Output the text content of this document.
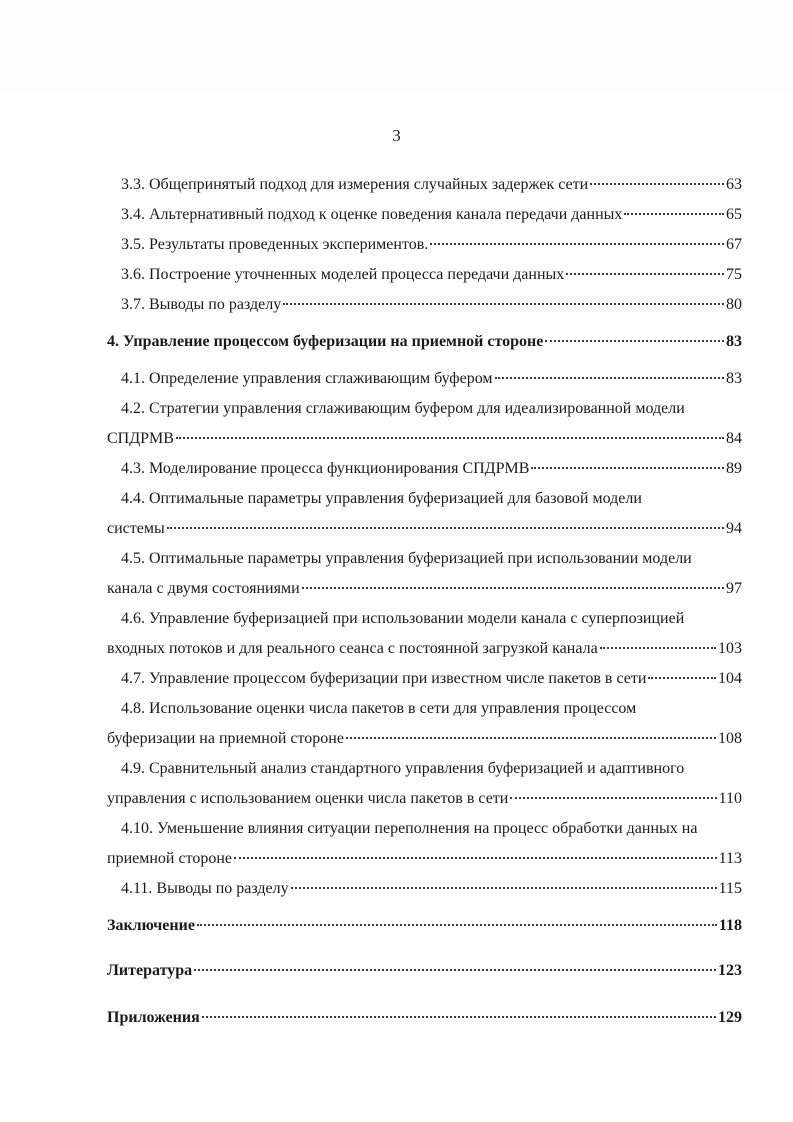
3
3.3. Общепринятый подход для измерения случайных задержек сети	63
3.4. Альтернативный подход к оценке поведения канала передачи данных	65
3.5. Результаты проведенных экспериментов.	67
3.6. Построение уточненных моделей процесса передачи данных	75
3.7. Выводы по разделу	80
4. Управление процессом буферизации на приемной стороне	83
4.1. Определение управления сглаживающим буфером	83
4.2. Стратегии управления сглаживающим буфером для идеализированной модели
СПДРМВ	84
4.3. Моделирование процесса функционирования СПДРМВ	89
4.4. Оптимальные параметры управления буферизацией для базовой модели
системы	94
4.5. Оптимальные параметры управления буферизацией при использовании модели
канала с двумя состояниями	97
4.6. Управление буферизацией при использовании модели канала с суперпозицией
входных потоков и для реального сеанса с постоянной загрузкой канала	103
4.7. Управление процессом буферизации при известном числе пакетов в сети	104
4.8. Использование оценки числа пакетов в сети для управления процессом
буферизации на приемной стороне	108
4.9. Сравнительный анализ стандартного управления буферизацией и адаптивного
управления с использованием оценки числа пакетов в сети	110
4.10. Уменьшение влияния ситуации переполнения на процесс обработки данных на
приемной стороне	113
4.11. Выводы по разделу	115
Заключение	118
Литература	123
Приложения	129
